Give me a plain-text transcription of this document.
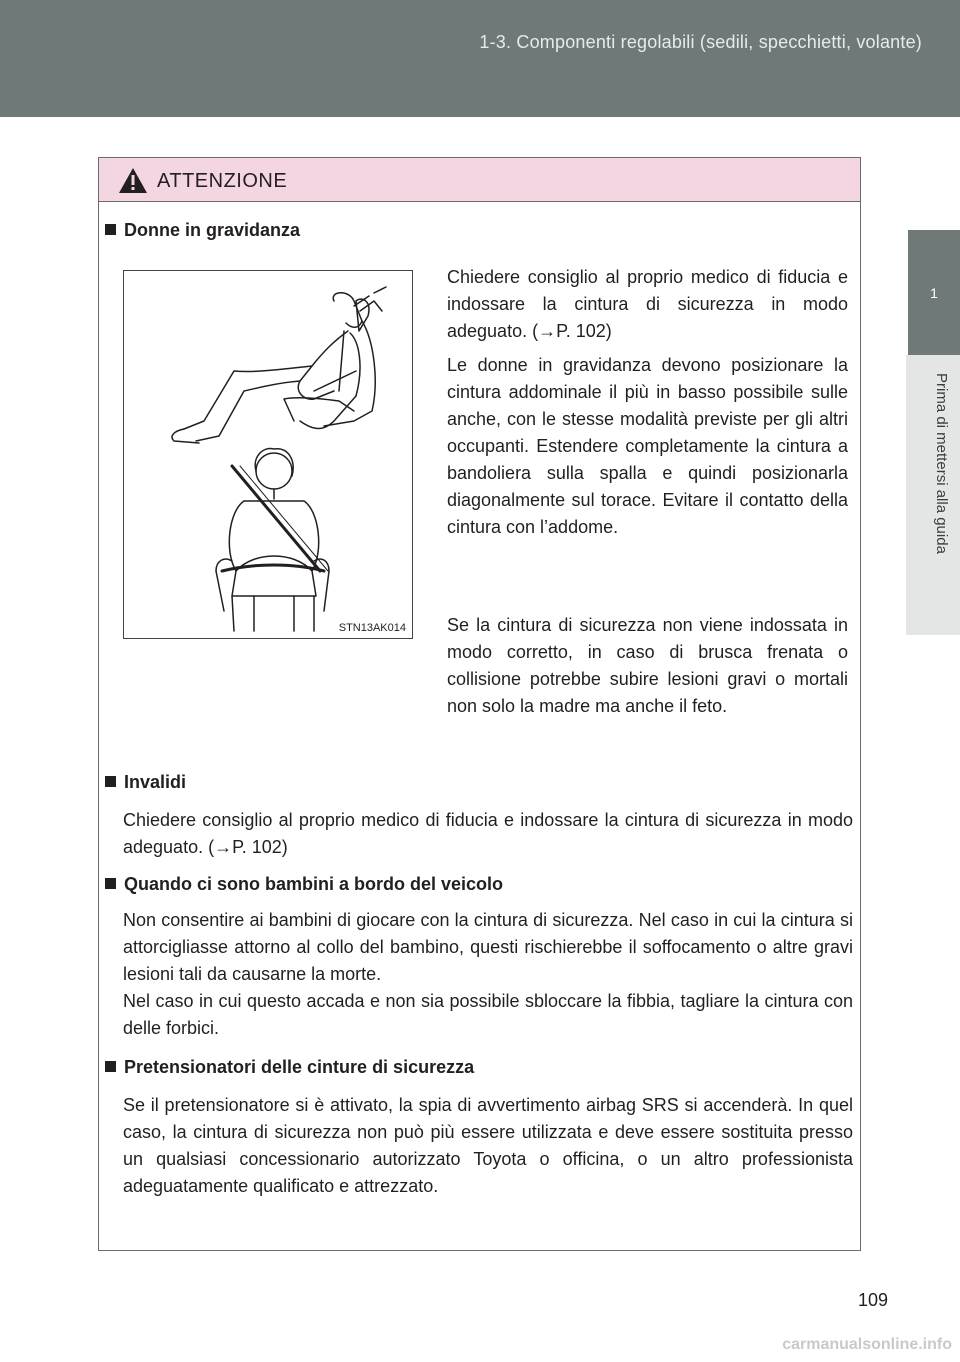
1-3. Componenti regolabili (sedili, specchietti, volante)
1
Prima di mettersi alla guida
ATTENZIONE
Donne in gravidanza
STN13AK014

Chiedere consiglio al proprio medico di fiducia e indossare la cintura di sicurezza in modo adeguato. (→P. 102)

Le donne in gravidanza devono posizionare la cintura addominale il più in basso possibile sulle anche, con le stesse modalità previste per gli altri occupanti. Estendere completamente la cintura a bandoliera sulla spalla e quindi posizionarla diagonalmente sul torace. Evitare il contatto della cintura con l’addome.

Se la cintura di sicurezza non viene indossata in modo corretto, in caso di brusca frenata o collisione potrebbe subire lesioni gravi o mortali non solo la madre ma anche il feto.

Invalidi

Chiedere consiglio al proprio medico di fiducia e indossare la cintura di sicurezza in modo adeguato. (→P. 102)

Quando ci sono bambini a bordo del veicolo

Non consentire ai bambini di giocare con la cintura di sicurezza. Nel caso in cui la cintura si attorcigliasse attorno al collo del bambino, questi rischierebbe il soffocamento o altre gravi lesioni tali da causarne la morte.

Nel caso in cui questo accada e non sia possibile sbloccare la fibbia, tagliare la cintura con delle forbici.

Pretensionatori delle cinture di sicurezza

Se il pretensionatore si è attivato, la spia di avvertimento airbag SRS si accenderà. In quel caso, la cintura di sicurezza non può più essere utilizzata e deve essere sostituita presso un qualsiasi concessionario autorizzato Toyota o officina, o un altro professionista adeguatamente qualificato e attrezzato.

109
carmanualsonline.info
